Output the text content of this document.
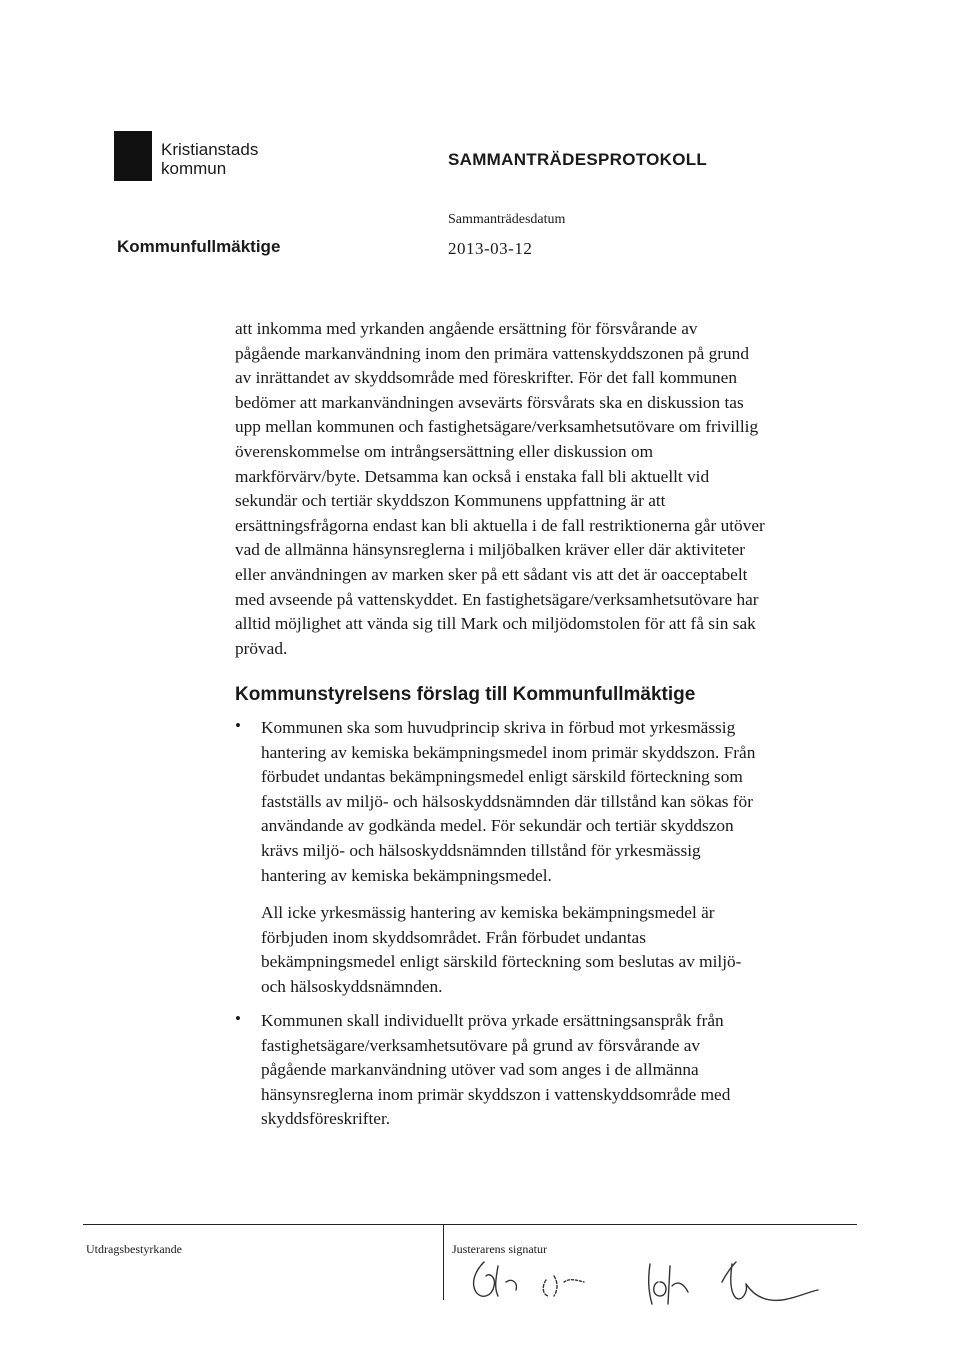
Kristianstads
kommun	SAMMANTRÄDESPROTOKOLL
Sammanträdesdatum
Kommunfullmäktige	2013-03-12

att inkomma med yrkanden angående ersättning för försvårande av
pågående markanvändning inom den primära vattenskyddszonen på grund
av inrättandet av skyddsområde med föreskrifter. För det fall kommunen
bedömer att markanvändningen avsevärts försvårats ska en diskussion tas
upp mellan kommunen och fastighetsägare/verksamhetsutövare om frivillig
överenskommelse om intrångsersättning eller diskussion om
markförvärv/byte. Detsamma kan också i enstaka fall bli aktuellt vid
sekundär och tertiär skyddszon Kommunens uppfattning är att
ersättningsfrågorna endast kan bli aktuella i de fall restriktionerna går utöver
vad de allmänna hänsynsreglerna i miljöbalken kräver eller där aktiviteter
eller användningen av marken sker på ett sådant vis att det är oacceptabelt
med avseende på vattenskyddet. En fastighetsägare/verksamhetsutövare har
alltid möjlighet att vända sig till Mark och miljödomstolen för att få sin sak
prövad.

Kommunstyrelsens förslag till Kommunfullmäktige
•	Kommunen ska som huvudprincip skriva in förbud mot yrkesmässig
hantering av kemiska bekämpningsmedel inom primär skyddszon. Från
förbudet undantas bekämpningsmedel enligt särskild förteckning som
fastställs av miljö- och hälsoskyddsnämnden där tillstånd kan sökas för
användande av godkända medel. För sekundär och tertiär skyddszon
krävs miljö- och hälsoskyddsnämnden tillstånd för yrkesmässig
hantering av kemiska bekämpningsmedel.

All icke yrkesmässig hantering av kemiska bekämpningsmedel är
förbjuden inom skyddsområdet. Från förbudet undantas
bekämpningsmedel enligt särskild förteckning som beslutas av miljö-
och hälsoskyddsnämnden.

•	Kommunen skall individuellt pröva yrkade ersättningsanspråk från
fastighetsägare/verksamhetsutövare på grund av försvårande av
pågående markanvändning utöver vad som anges i de allmänna
hänsynsreglerna inom primär skyddszon i vattenskyddsområde med
skyddsföreskrifter.

Utdragsbestyrkande	Justerarens signatur
